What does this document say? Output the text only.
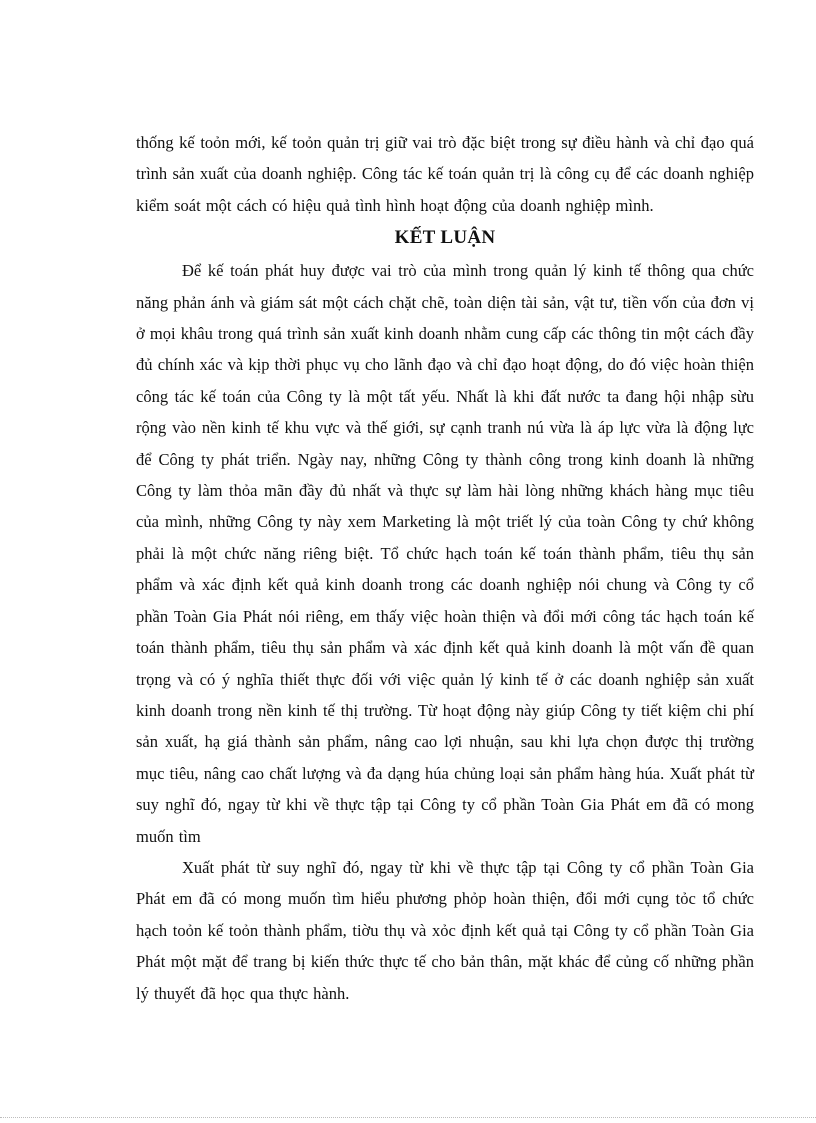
thống kế toỏn mới, kế toỏn quản trị giữ vai trò đặc biệt trong sự điều hành và chỉ đạo quá trình sản xuất của doanh nghiệp. Công tác kế toán quản trị là công cụ để các doanh nghiệp kiểm soát một cách có hiệu quả tình hình hoạt động của doanh nghiệp mình.

KẾT LUẬN

Để kế toán phát huy được vai trò của mình trong quản lý kinh tế thông qua chức năng phản ánh và giám sát một cách chặt chẽ, toàn diện tài sản, vật tư, tiền vốn của đơn vị ở mọi khâu trong quá trình sản xuất kinh doanh nhằm cung cấp các thông tin một cách đầy đủ chính xác và kịp thời phục vụ cho lãnh đạo và chỉ đạo hoạt động, do đó việc hoàn thiện công tác kế toán của Công ty là một tất yếu. Nhất là khi đất nước ta đang hội nhập sừu rộng vào nền kinh tế khu vực và thế giới, sự cạnh tranh nú vừa là áp lực vừa là động lực để Công ty phát triển. Ngày nay, những Công ty thành công trong kinh doanh là những Công ty làm thỏa mãn đầy đủ nhất và thực sự làm hài lòng những khách hàng mục tiêu của mình, những Công ty này xem Marketing là một triết lý của toàn Công ty chứ không phải là một chức năng riêng biệt. Tổ chức hạch toán kế toán thành phẩm, tiêu thụ sản phẩm và xác định kết quả kinh doanh trong các doanh nghiệp nói chung và Công ty cổ phần Toàn Gia Phát nói riêng, em thấy việc hoàn thiện và đổi mới công tác hạch toán kế toán thành phẩm, tiêu thụ sản phẩm và xác định kết quả kinh doanh là một vấn đề quan trọng và có ý nghĩa thiết thực đối với việc quản lý kinh tế ở các doanh nghiệp sản xuất kinh doanh trong nền kinh tế thị trường. Từ hoạt động này giúp Công ty tiết kiệm chi phí sản xuất, hạ giá thành sản phẩm, nâng cao lợi nhuận, sau khi lựa chọn được thị trường mục tiêu, nâng cao chất lượng và đa dạng húa chủng loại sản phẩm hàng húa. Xuất phát từ suy nghĩ đó, ngay từ khi về thực tập tại Công ty cổ phần Toàn Gia Phát em đã có mong muốn tìm

Xuất phát từ suy nghĩ đó, ngay từ khi về thực tập tại Công ty cổ phần Toàn Gia Phát em đã có mong muốn tìm hiểu phương phỏp hoàn thiện, đổi mới cụng tỏc tổ chức hạch toỏn kế toỏn thành phẩm, tiờu thụ và xỏc định kết quả tại Công ty cổ phần Toàn Gia Phát một mặt để trang bị kiến thức thực tế cho bản thân, mặt khác để củng cố những phần lý thuyết đã học qua thực hành.
